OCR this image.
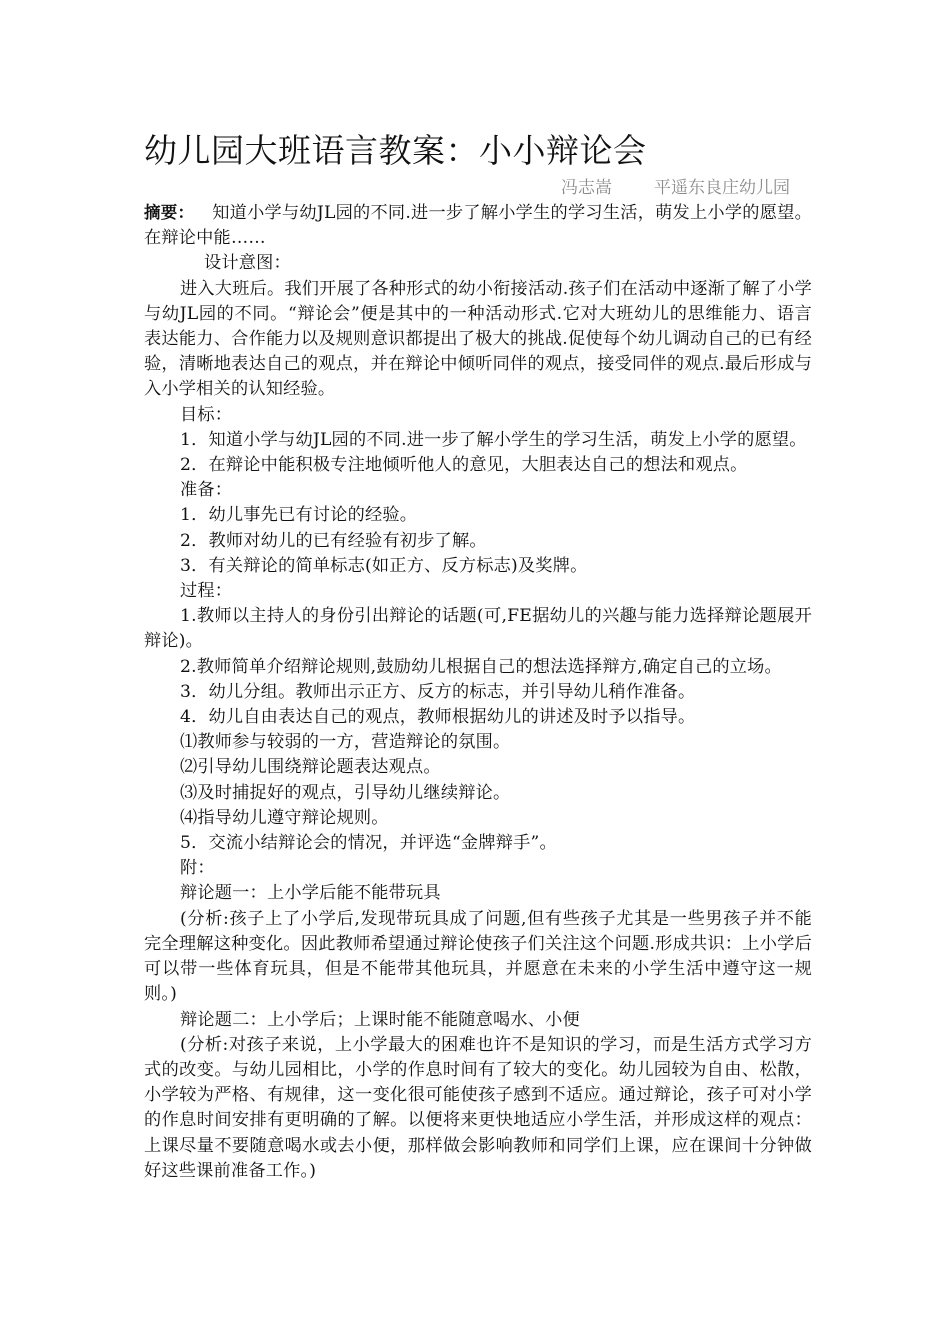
幼儿园大班语言教案：小小辩论会
冯志嵩 平遥东良庄幼儿园

摘要： 知道小学与幼JL园的不同.进一步了解小学生的学习生活，萌发上小学的愿望。在辩论中能……

设计意图：

进入大班后。我们开展了各种形式的幼小衔接活动.孩子们在活动中逐渐了解了小学与幼JL园的不同。“辩论会”便是其中的一种活动形式.它对大班幼儿的思维能力、语言表达能力、合作能力以及规则意识都提出了极大的挑战.促使每个幼儿调动自己的已有经验，清晰地表达自己的观点，并在辩论中倾听同伴的观点，接受同伴的观点.最后形成与入小学相关的认知经验。

目标：

1．知道小学与幼JL园的不同.进一步了解小学生的学习生活，萌发上小学的愿望。

2．在辩论中能积极专注地倾听他人的意见，大胆表达自己的想法和观点。

准备：

1．幼儿事先已有讨论的经验。

2．教师对幼儿的已有经验有初步了解。

3．有关辩论的简单标志(如正方、反方标志)及奖牌。

过程：

1.教师以主持人的身份引出辩论的话题(可,FE据幼儿的兴趣与能力选择辩论题展开辩论)。

2.教师简单介绍辩论规则,鼓励幼儿根据自己的想法选择辩方,确定自己的立场。

3．幼儿分组。教师出示正方、反方的标志，并引导幼儿稍作准备。

4．幼儿自由表达自己的观点，教师根据幼儿的讲述及时予以指导。

⑴教师参与较弱的一方，营造辩论的氛围。

⑵引导幼儿围绕辩论题表达观点。

⑶及时捕捉好的观点，引导幼儿继续辩论。

⑷指导幼儿遵守辩论规则。

5．交流小结辩论会的情况，并评选“金牌辩手”。

附：

辩论题一：上小学后能不能带玩具

(分析:孩子上了小学后,发现带玩具成了问题,但有些孩子尤其是一些男孩子并不能完全理解这种变化。因此教师希望通过辩论使孩子们关注这个问题.形成共识：上小学后可以带一些体育玩具，但是不能带其他玩具，并愿意在未来的小学生活中遵守这一规则。)

辩论题二：上小学后；上课时能不能随意喝水、小便

(分析:对孩子来说，上小学最大的困难也许不是知识的学习，而是生活方式学习方式的改变。与幼儿园相比，小学的作息时间有了较大的变化。幼儿园较为自由、松散，小学较为严格、有规律，这一变化很可能使孩子感到不适应。通过辩论，孩子可对小学的作息时间安排有更明确的了解。以便将来更快地适应小学生活，并形成这样的观点：上课尽量不要随意喝水或去小便，那样做会影响教师和同学们上课，应在课间十分钟做好这些课前准备工作。)
